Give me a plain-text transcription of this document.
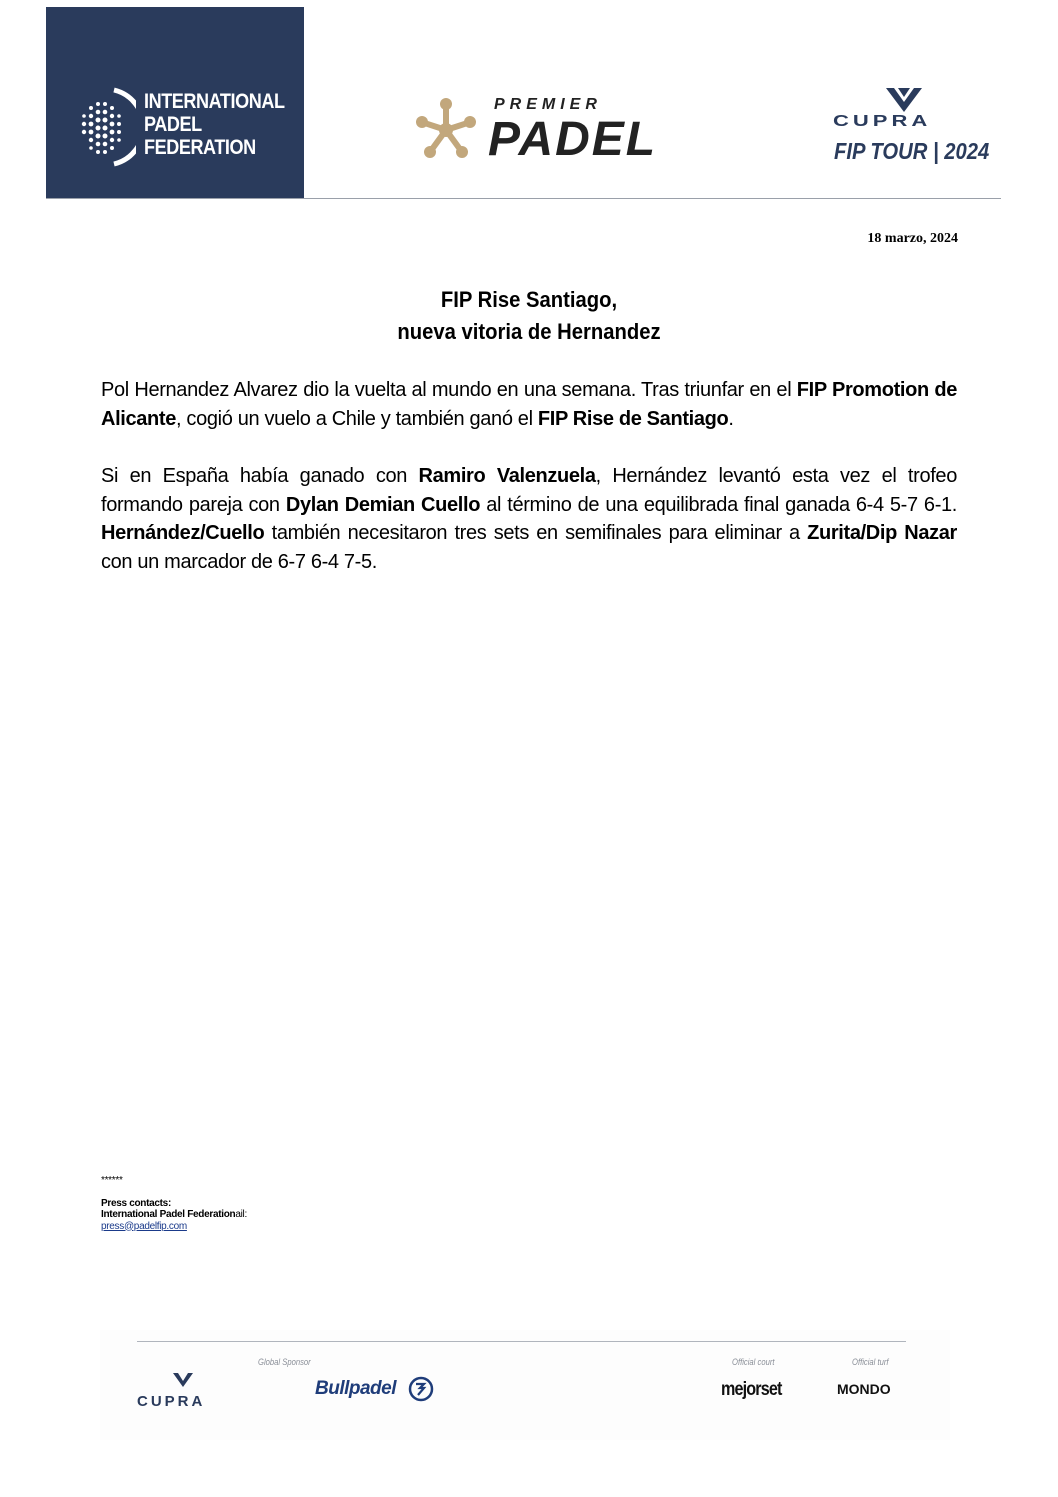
INTERNATIONAL
PADEL
FEDERATION
PREMIER
PADEL	CUPRA
FIP TOUR | 2024
18 marzo, 2024
FIP Rise Santiago,
nueva vitoria de Hernandez
Pol Hernandez Alvarez dio la vuelta al mundo en una semana. Tras triunfar en el FIP Promotion de Alicante, cogió un vuelo a Chile y también ganó el FIP Rise de Santiago.
Si en España había ganado con Ramiro Valenzuela, Hernández levantó esta vez el trofeo formando pareja con Dylan Demian Cuello al término de una equilibrada final ganada 6-4 5-7 6-1. Hernández/Cuello también necesitaron tres sets en semifinales para eliminar a Zurita/Dip Nazar con un marcador de 6-7 6-4 7-5.
******
Press contacts:
International Padel Federationail:
press@padelfip.com
CUPRA
Global Sponsor
Bullpadel
Official court
mejorset
Official turf
MONDO
